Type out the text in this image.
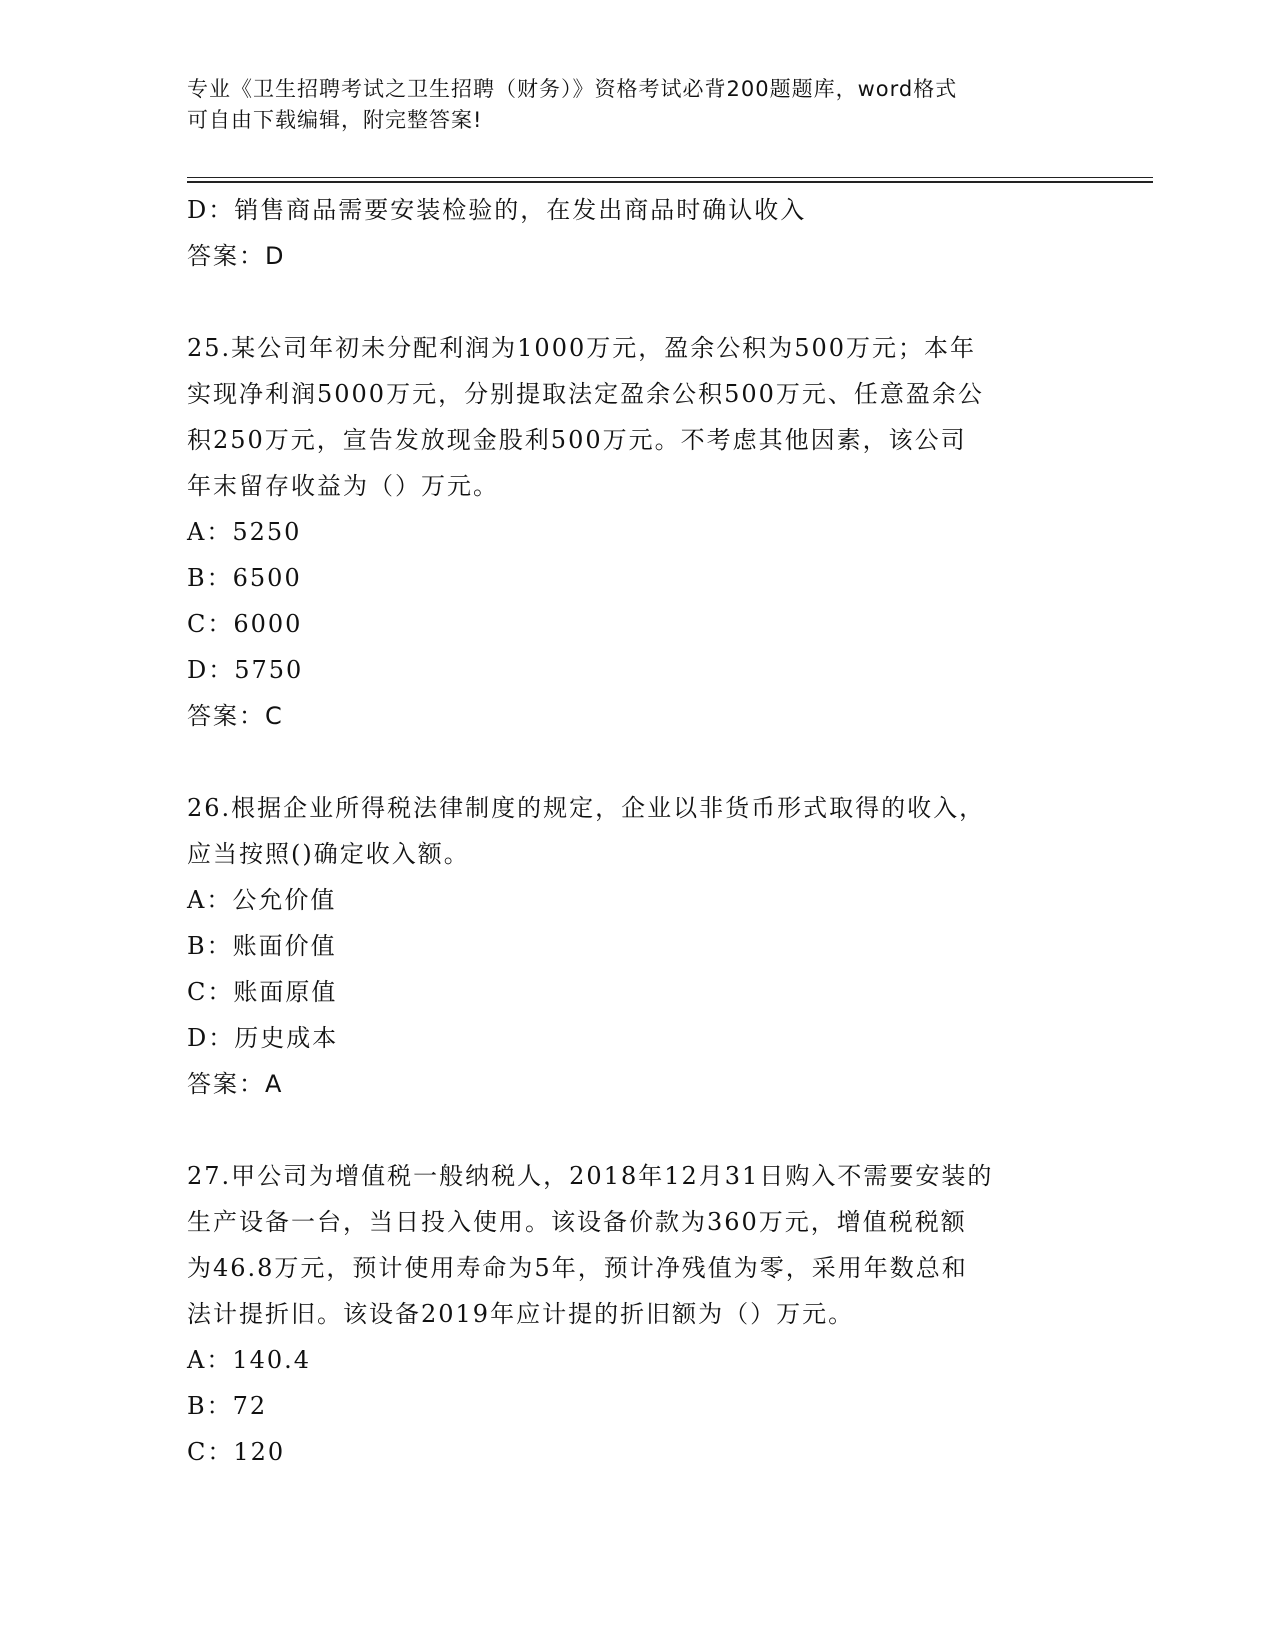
专业《卫生招聘考试之卫生招聘（财务）》资格考试必背200题题库，word格式
可自由下载编辑，附完整答案!
D：销售商品需要安装检验的，在发出商品时确认收入
答案：D
25.某公司年初未分配利润为1000万元，盈余公积为500万元；本年
实现净利润5000万元，分别提取法定盈余公积500万元、任意盈余公
积250万元，宣告发放现金股利500万元。不考虑其他因素，该公司
年末留存收益为（）万元。
A：5250
B：6500
C：6000
D：5750
答案：C
26.根据企业所得税法律制度的规定，企业以非货币形式取得的收入，
应当按照()确定收入额。
A：公允价值
B：账面价值
C：账面原值
D：历史成本
答案：A
27.甲公司为增值税一般纳税人，2018年12月31日购入不需要安装的
生产设备一台，当日投入使用。该设备价款为360万元，增值税税额
为46.8万元，预计使用寿命为5年，预计净残值为零，采用年数总和
法计提折旧。该设备2019年应计提的折旧额为（）万元。
A：140.4
B：72
C：120
